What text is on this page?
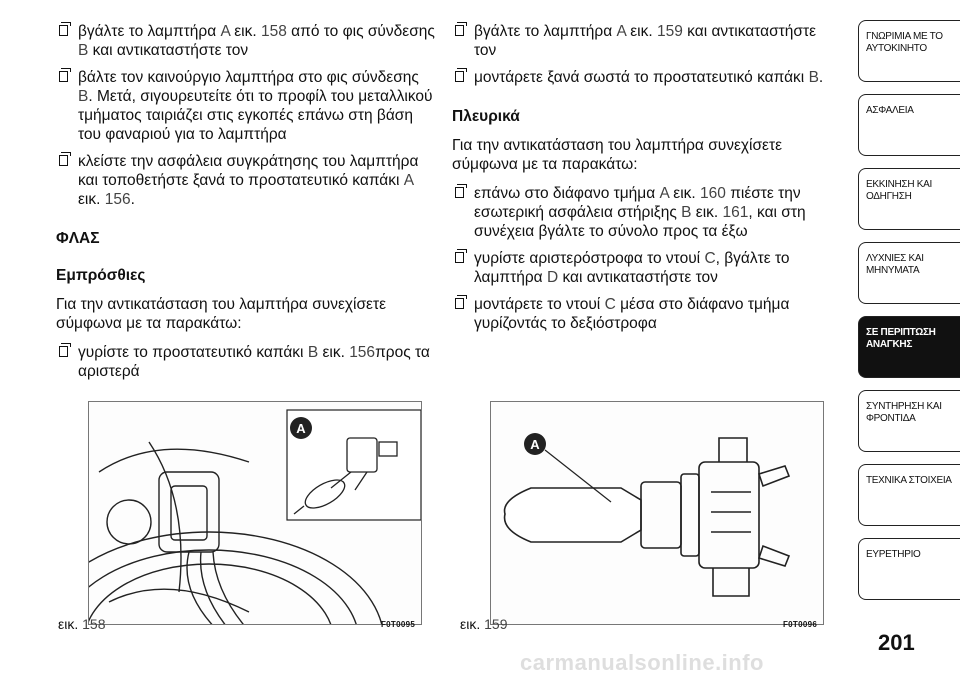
βγάλτε το λαμπτήρα A εικ. 158 από το φις σύνδεσης B και αντικαταστήστε τον
βάλτε τον καινούργιο λαμπτήρα στο φις σύνδεσης B. Μετά, σιγουρευτείτε ότι το προφίλ του μεταλλικού τμήματος ταιριάζει στις εγκοπές επάνω στη βάση του φαναριού για το λαμπτήρα
κλείστε την ασφάλεια συγκράτησης του λαμπτήρα και τοποθετήστε ξανά το προστατευτικό καπάκι A εικ. 156.
ΦΛΑΣ
Εμπρόσθιες

Για την αντικατάσταση του λαμπτήρα συνεχίσετε σύμφωνα με τα παρακάτω:

γυρίστε το προστατευτικό καπάκι B εικ. 156προς τα αριστερά
βγάλτε το λαμπτήρα A εικ. 159 και αντικαταστήστε τον
μοντάρετε ξανά σωστά το προστατευτικό καπάκι B.
Πλευρικά

Για την αντικατάσταση του λαμπτήρα συνεχίσετε σύμφωνα με τα παρακάτω:

επάνω στο διάφανο τμήμα A εικ. 160 πιέστε την εσωτερική ασφάλεια στήριξης B εικ. 161, και στη συνέχεια βγάλτε το σύνολο προς τα έξω
γυρίστε αριστερόστροφα το ντουί C, βγάλτε το λαμπτήρα D και αντικαταστήστε τον
μοντάρετε το ντουί C μέσα στο διάφανο τμήμα γυρίζοντάς το δεξιόστροφα
A
A
εικ. 158	F0T0095	εικ. 159	F0T0096
ΓΝΩΡΙΜΙΑ ΜΕ ΤΟ ΑΥΤΟΚΙΝΗΤΟ
ΑΣΦΑΛΕΙΑ
ΕΚΚΙΝΗΣΗ ΚΑΙ ΟΔΗΓΗΣΗ
ΛΥΧΝΙΕΣ ΚΑΙ ΜΗΝΥΜΑΤΑ
ΣΕ ΠΕΡΙΠΤΩΣΗ ΑΝΑΓΚΗΣ
ΣΥΝΤΗΡΗΣΗ ΚΑΙ ΦΡΟΝΤΙΔΑ
ΤΕΧΝΙΚΑ ΣΤΟΙΧΕΙΑ
ΕΥΡΕΤΗΡΙΟ
201
carmanualsonline.info
